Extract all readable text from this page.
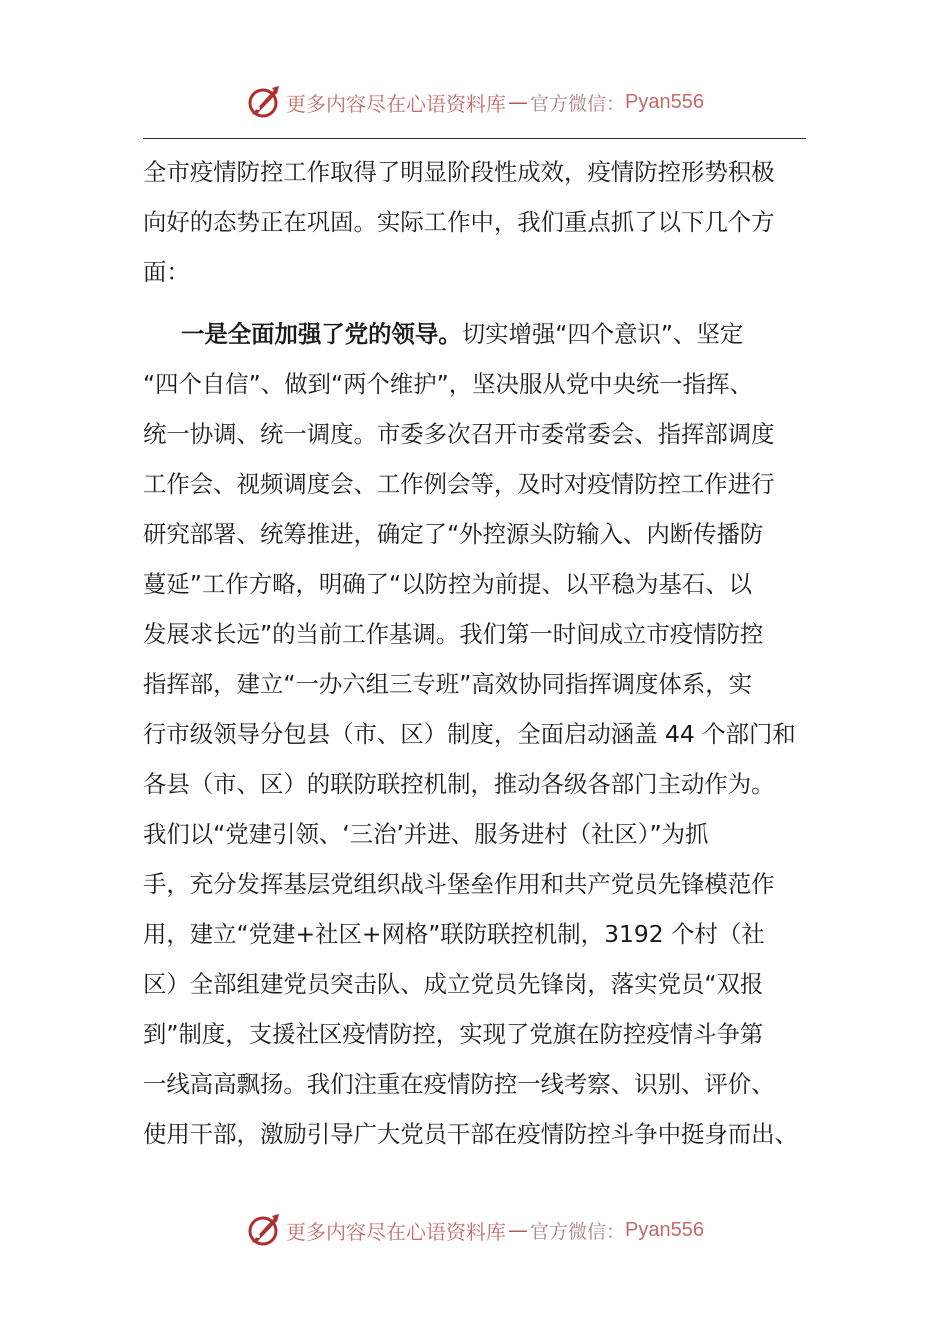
更多内容尽在心语资料库 — 官方微信： Pyan556
全市疫情防控工作取得了明显阶段性成效，疫情防控形势积极
向好的态势正在巩固。实际工作中，我们重点抓了以下几个方
面：
一是全面加强了党的领导。切实增强“四个意识”、坚定
“四个自信”、做到“两个维护”，坚决服从党中央统一指挥、
统一协调、统一调度。市委多次召开市委常委会、指挥部调度
工作会、视频调度会、工作例会等，及时对疫情防控工作进行
研究部署、统筹推进，确定了“外控源头防输入、内断传播防
蔓延”工作方略，明确了“以防控为前提、以平稳为基石、以
发展求长远”的当前工作基调。我们第一时间成立市疫情防控
指挥部，建立“一办六组三专班”高效协同指挥调度体系，实
行市级领导分包县（市、区）制度，全面启动涵盖 44 个部门和
各县（市、区）的联防联控机制，推动各级各部门主动作为。
我们以“党建引领、‘三治’并进、服务进村（社区）”为抓
手，充分发挥基层党组织战斗堡垒作用和共产党员先锋模范作
用，建立“党建+社区+网格”联防联控机制，3192 个村（社
区）全部组建党员突击队、成立党员先锋岗，落实党员“双报
到”制度，支援社区疫情防控，实现了党旗在防控疫情斗争第
一线高高飘扬。我们注重在疫情防控一线考察、识别、评价、
使用干部，激励引导广大党员干部在疫情防控斗争中挺身而出、
更多内容尽在心语资料库 — 官方微信： Pyan556
